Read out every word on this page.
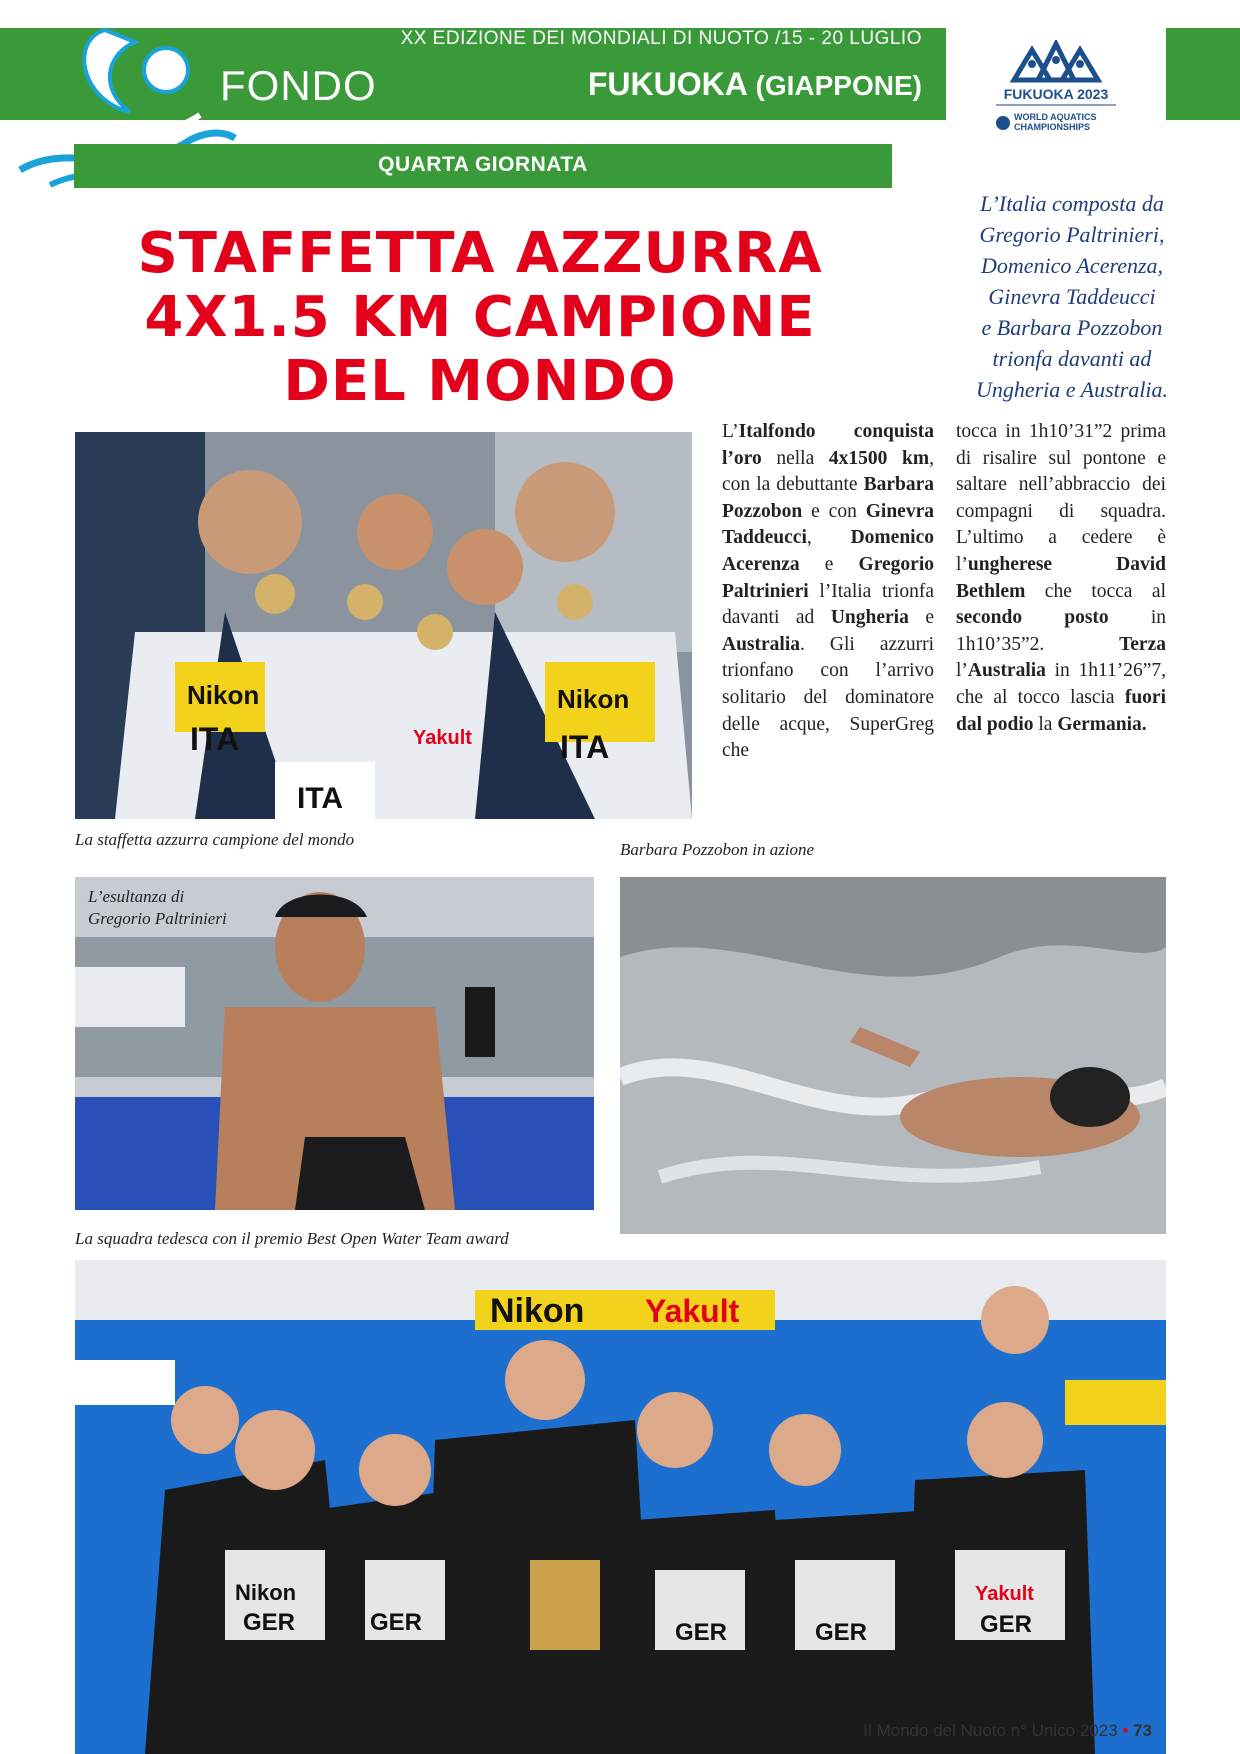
XX EDIZIONE DEI MONDIALI DI NUOTO /15 - 20 LUGLIO
FONDO	FUKUOKA (GIAPPONE)	FUKUOKA 2023
WORLD AQUATICS
CHAMPIONSHIPS
QUARTA GIORNATA
STAFFETTA AZZURRA
4X1.5 KM CAMPIONE
DEL MONDO
L’Italia composta da
Gregorio Paltrinieri,
Domenico Acerenza,
Ginevra Taddeucci
e Barbara Pozzobon
trionfa davanti ad
Ungheria e Australia.
Nikon
ITA
Nikon
ITA
Yakult
ITA
L’Italfondo conquista l’oro nella 4x1500 km, con la debuttante Barbara Pozzobon e con Ginevra Taddeucci, Domenico Acerenza e Gregorio Paltrinieri l’Italia trionfa davanti ad Ungheria e Australia. Gli azzurri trionfano con l’arrivo solitario del dominatore delle acque, SuperGreg che
tocca in 1h10’31”2 prima di risalire sul pontone e saltare nell’abbraccio dei compagni di squadra. L’ultimo a cedere è l’ungherese David Bethlem che tocca al secondo posto in 1h10’35”2. Terza l’Australia in 1h11’26”7, che al tocco lascia fuori dal podio la Germania.
La staffetta azzurra campione del mondo
Barbara Pozzobon in azione
L’esultanza di
Gregorio Paltrinieri
La squadra tedesca con il premio Best Open Water Team award
Nikon Yakult
Nikon
GER	GER	GER	GER
Yakult
GER
Il Mondo del Nuoto n° Unico 2023 • 73
